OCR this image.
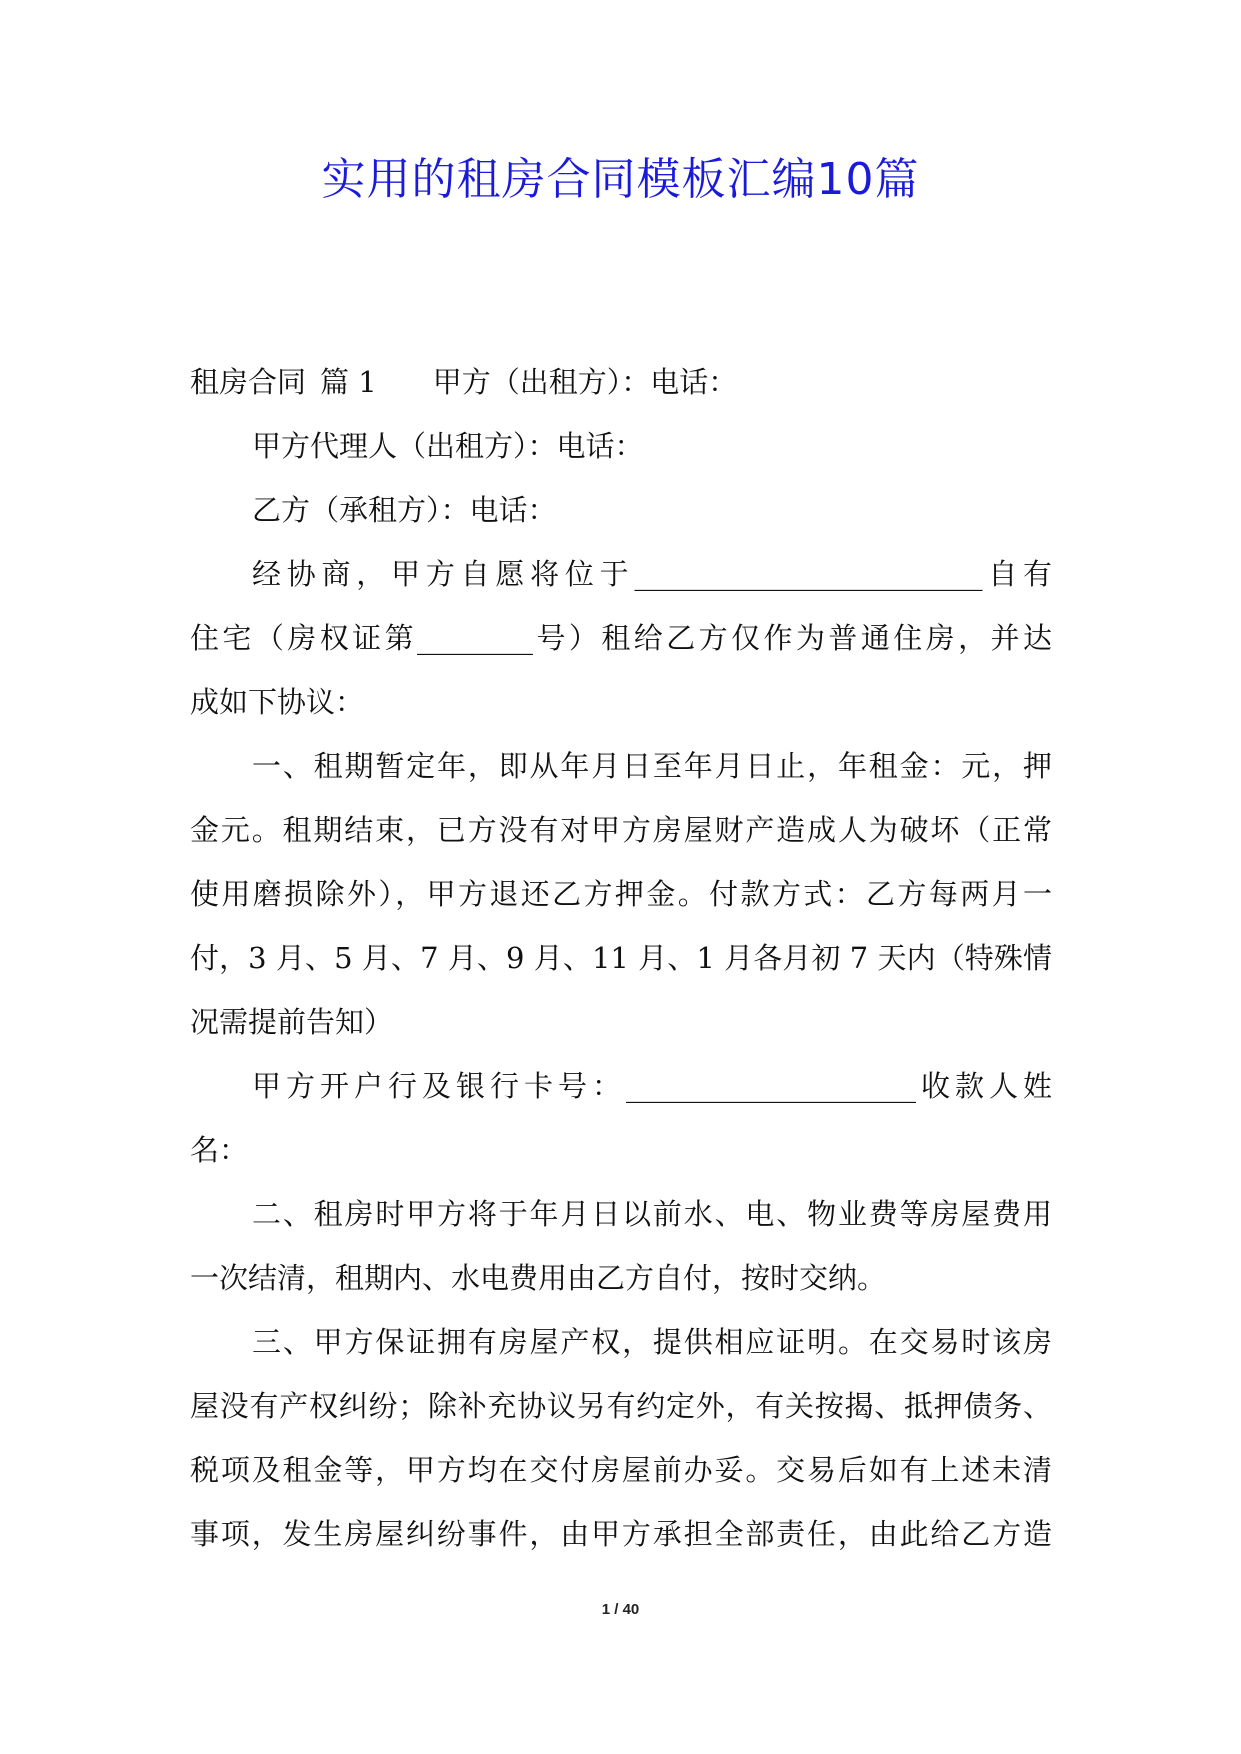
实用的租房合同模板汇编10篇
租房合同 篇 1 甲方（出租方）：电话：
甲方代理人（出租方）：电话：
乙方（承租方）：电话：
经协商，甲方自愿将位于________________________自有
住宅（房权证第________号）租给乙方仅作为普通住房，并达
成如下协议：
一、租期暂定年，即从年月日至年月日止，年租金：元，押
金元。租期结束，已方没有对甲方房屋财产造成人为破坏（正常
使用磨损除外），甲方退还乙方押金。付款方式：乙方每两月一
付，3 月、5 月、7 月、9 月、11 月、1 月各月初 7 天内（特殊情
况需提前告知）
甲方开户行及银行卡号：____________________收款人姓
名：
二、租房时甲方将于年月日以前水、电、物业费等房屋费用
一次结清，租期内、水电费用由乙方自付，按时交纳。
三、甲方保证拥有房屋产权，提供相应证明。在交易时该房
屋没有产权纠纷；除补充协议另有约定外，有关按揭、抵押债务、
税项及租金等，甲方均在交付房屋前办妥。交易后如有上述未清
事项，发生房屋纠纷事件，由甲方承担全部责任，由此给乙方造
1 / 40
